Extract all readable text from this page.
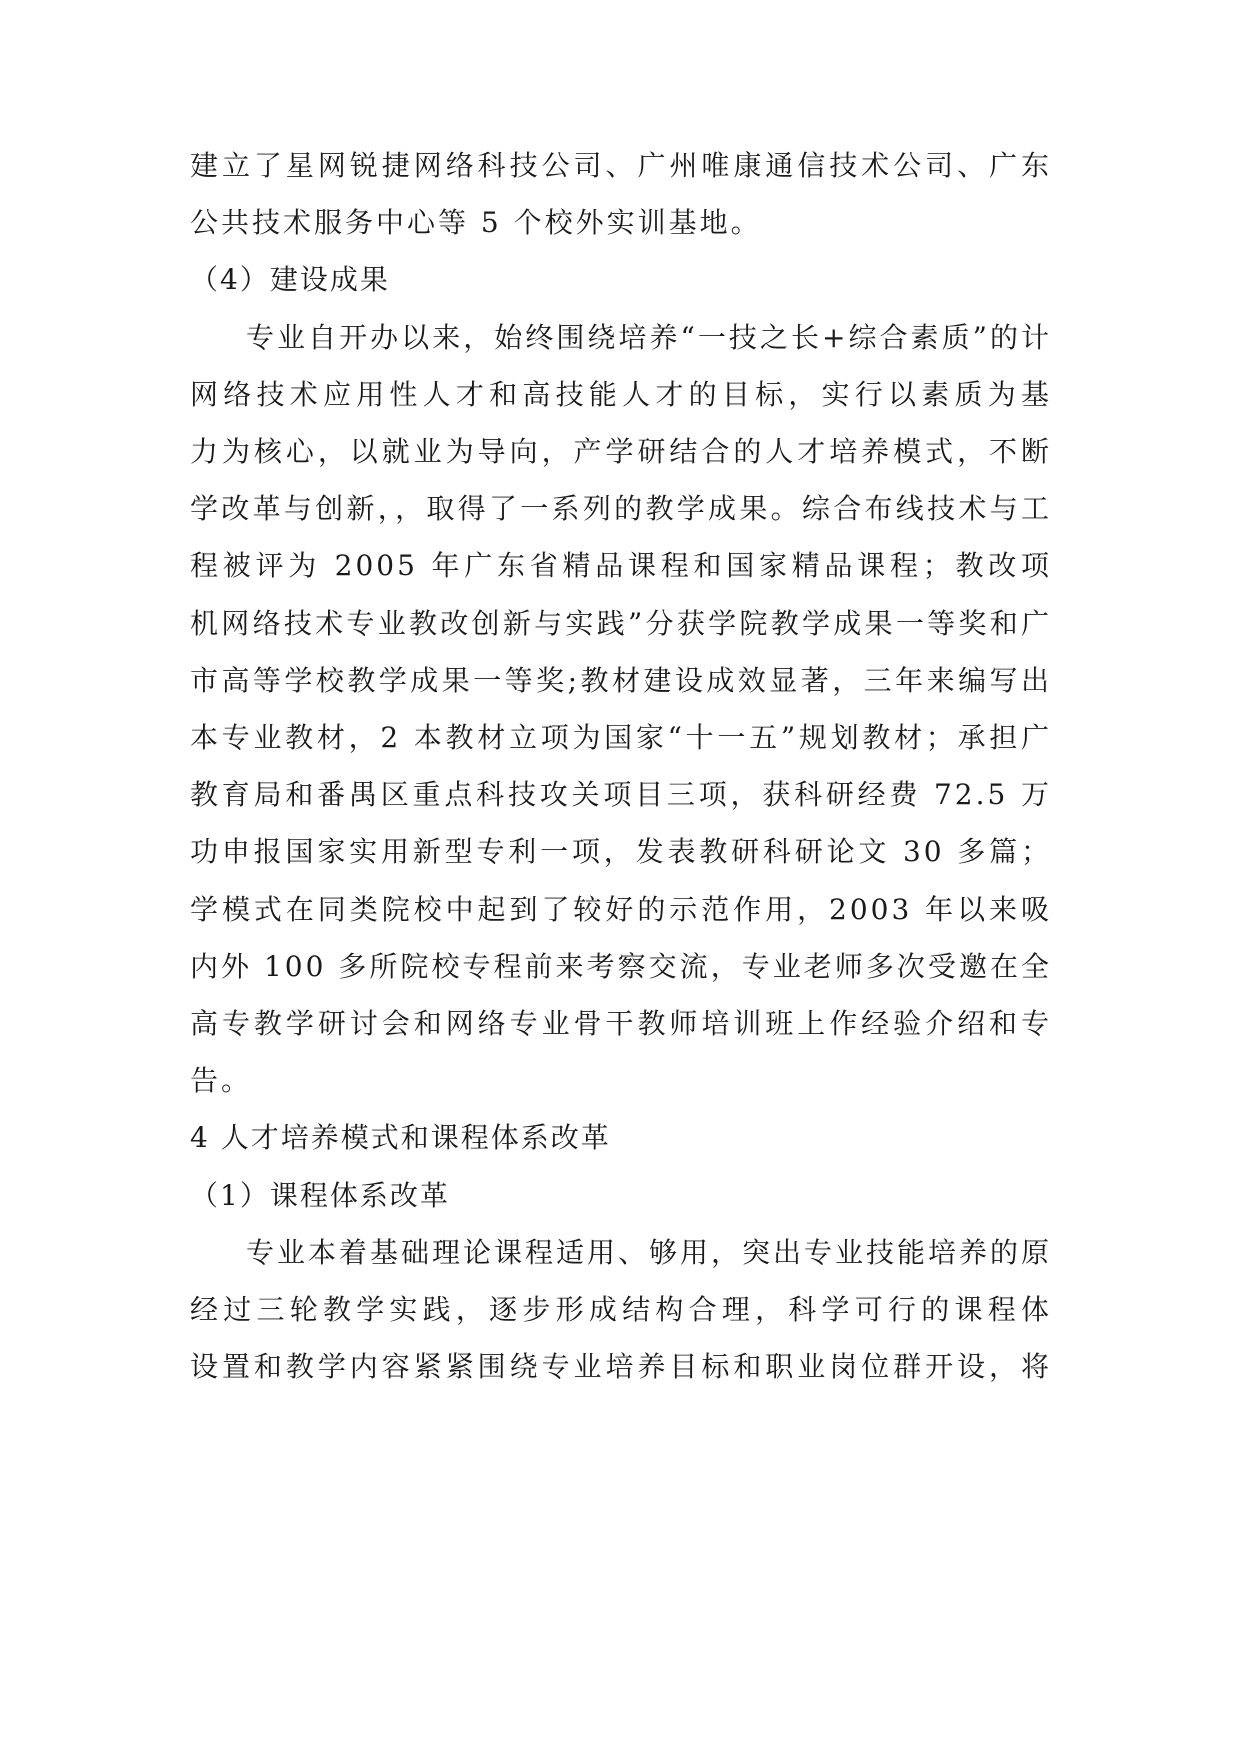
建立了星网锐捷网络科技公司、广州唯康通信技术公司、广东
公共技术服务中心等 5 个校外实训基地。
（4）建设成果
专业自开办以来，始终围绕培养“一技之长+综合素质”的计
网络技术应用性人才和高技能人才的目标，实行以素质为基
力为核心，以就业为导向，产学研结合的人才培养模式，不断
学改革与创新，，取得了一系列的教学成果。综合布线技术与工
程被评为 2005 年广东省精品课程和国家精品课程；教改项
机网络技术专业教改创新与实践”分获学院教学成果一等奖和广
市高等学校教学成果一等奖;教材建设成效显著，三年来编写出
本专业教材，2 本教材立项为国家“十一五”规划教材；承担广
教育局和番禺区重点科技攻关项目三项，获科研经费 72.5 万
功申报国家实用新型专利一项，发表教研科研论文 30 多篇；
学模式在同类院校中起到了较好的示范作用，2003 年以来吸
内外 100 多所院校专程前来考察交流，专业老师多次受邀在全
高专教学研讨会和网络专业骨干教师培训班上作经验介绍和专
告。
4 人才培养模式和课程体系改革
（1）课程体系改革
专业本着基础理论课程适用、够用，突出专业技能培养的原
经过三轮教学实践，逐步形成结构合理，科学可行的课程体
设置和教学内容紧紧围绕专业培养目标和职业岗位群开设，将
